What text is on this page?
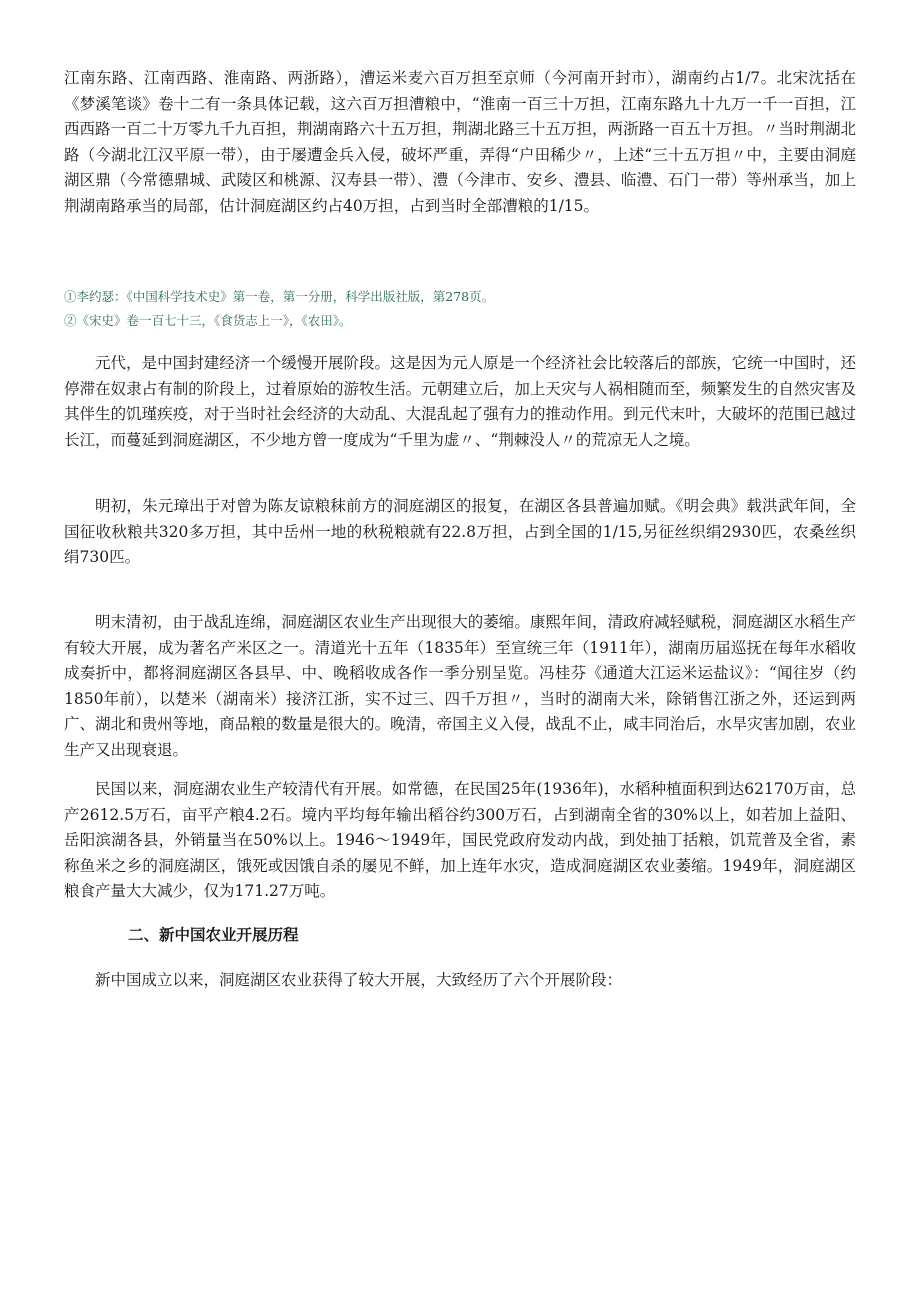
江南东路、江南西路、淮南路、两浙路），漕运米麦六百万担至京师（今河南开封市），湖南约占1/7。北宋沈括在《梦溪笔谈》卷十二有一条具体记载，这六百万担漕粮中，“淮南一百三十万担，江南东路九十九万一千一百担，江西西路一百二十万零九千九百担，荆湖南路六十五万担，荆湖北路三十五万担，两浙路一百五十万担。〃当时荆湖北路（今湖北江汉平原一带），由于屡遭金兵入侵，破坏严重，弄得“户田稀少〃，上述“三十五万担〃中，主要由洞庭湖区鼎（今常德鼎城、武陵区和桃源、汉寿县一带）、澧（今津市、安乡、澧县、临澧、石门一带）等州承当，加上荆湖南路承当的局部，估计洞庭湖区约占40万担，占到当时全部漕粮的1/15。

①李约瑟：《中国科学技术史》第一卷，第一分册，科学出版社版，第278页。

②《宋史》卷一百七十三，《食货志上一》，《农田》。

元代，是中国封建经济一个缓慢开展阶段。这是因为元人原是一个经济社会比较落后的部族，它统一中国时，还停滞在奴隶占有制的阶段上，过着原始的游牧生活。元朝建立后，加上天灾与人祸相随而至，频繁发生的自然灾害及其伴生的饥瑾疾疫，对于当时社会经济的大动乱、大混乱起了强有力的推动作用。到元代末叶，大破坏的范围已越过长江，而蔓延到洞庭湖区，不少地方曾一度成为“千里为虚〃、“荆棘没人〃的荒凉无人之境。

明初，朱元璋出于对曾为陈友谅粮秣前方的洞庭湖区的报复，在湖区各县普遍加赋。《明会典》载洪武年间，全国征收秋粮共320多万担，其中岳州一地的秋税粮就有22.8万担，占到全国的1/15,另征丝织绢2930匹，农桑丝织绢730匹。

明末清初，由于战乱连绵，洞庭湖区农业生产出现很大的萎缩。康熙年间，清政府减轻赋税，洞庭湖区水稻生产有较大开展，成为著名产米区之一。清道光十五年（1835年）至宣统三年（1911年），湖南历届巡抚在每年水稻收成奏折中，都将洞庭湖区各县早、中、晚稻收成各作一季分别呈览。冯桂芬《通道大江运米运盐议》：“闻往岁（约1850年前），以楚米（湖南米）接济江浙，实不过三、四千万担〃，当时的湖南大米，除销售江浙之外，还运到两广、湖北和贵州等地，商品粮的数量是很大的。晚清，帝国主义入侵，战乱不止，咸丰同治后，水旱灾害加剧，农业生产又出现衰退。

民国以来，洞庭湖农业生产较清代有开展。如常德，在民国25年(1936年)，水稻种植面积到达62170万亩，总产2612.5万石，亩平产粮4.2石。境内平均每年输出稻谷约300万石，占到湖南全省的30%以上，如若加上益阳、岳阳滨湖各县，外销量当在50%以上。1946〜1949年，国民党政府发动内战，到处抽丁括粮，饥荒普及全省，素称鱼米之乡的洞庭湖区，饿死或因饿自杀的屡见不鲜，加上连年水灾，造成洞庭湖区农业萎缩。1949年，洞庭湖区粮食产量大大减少，仅为171.27万吨。

二、新中国农业开展历程

新中国成立以来，洞庭湖区农业获得了较大开展，大致经历了六个开展阶段：
